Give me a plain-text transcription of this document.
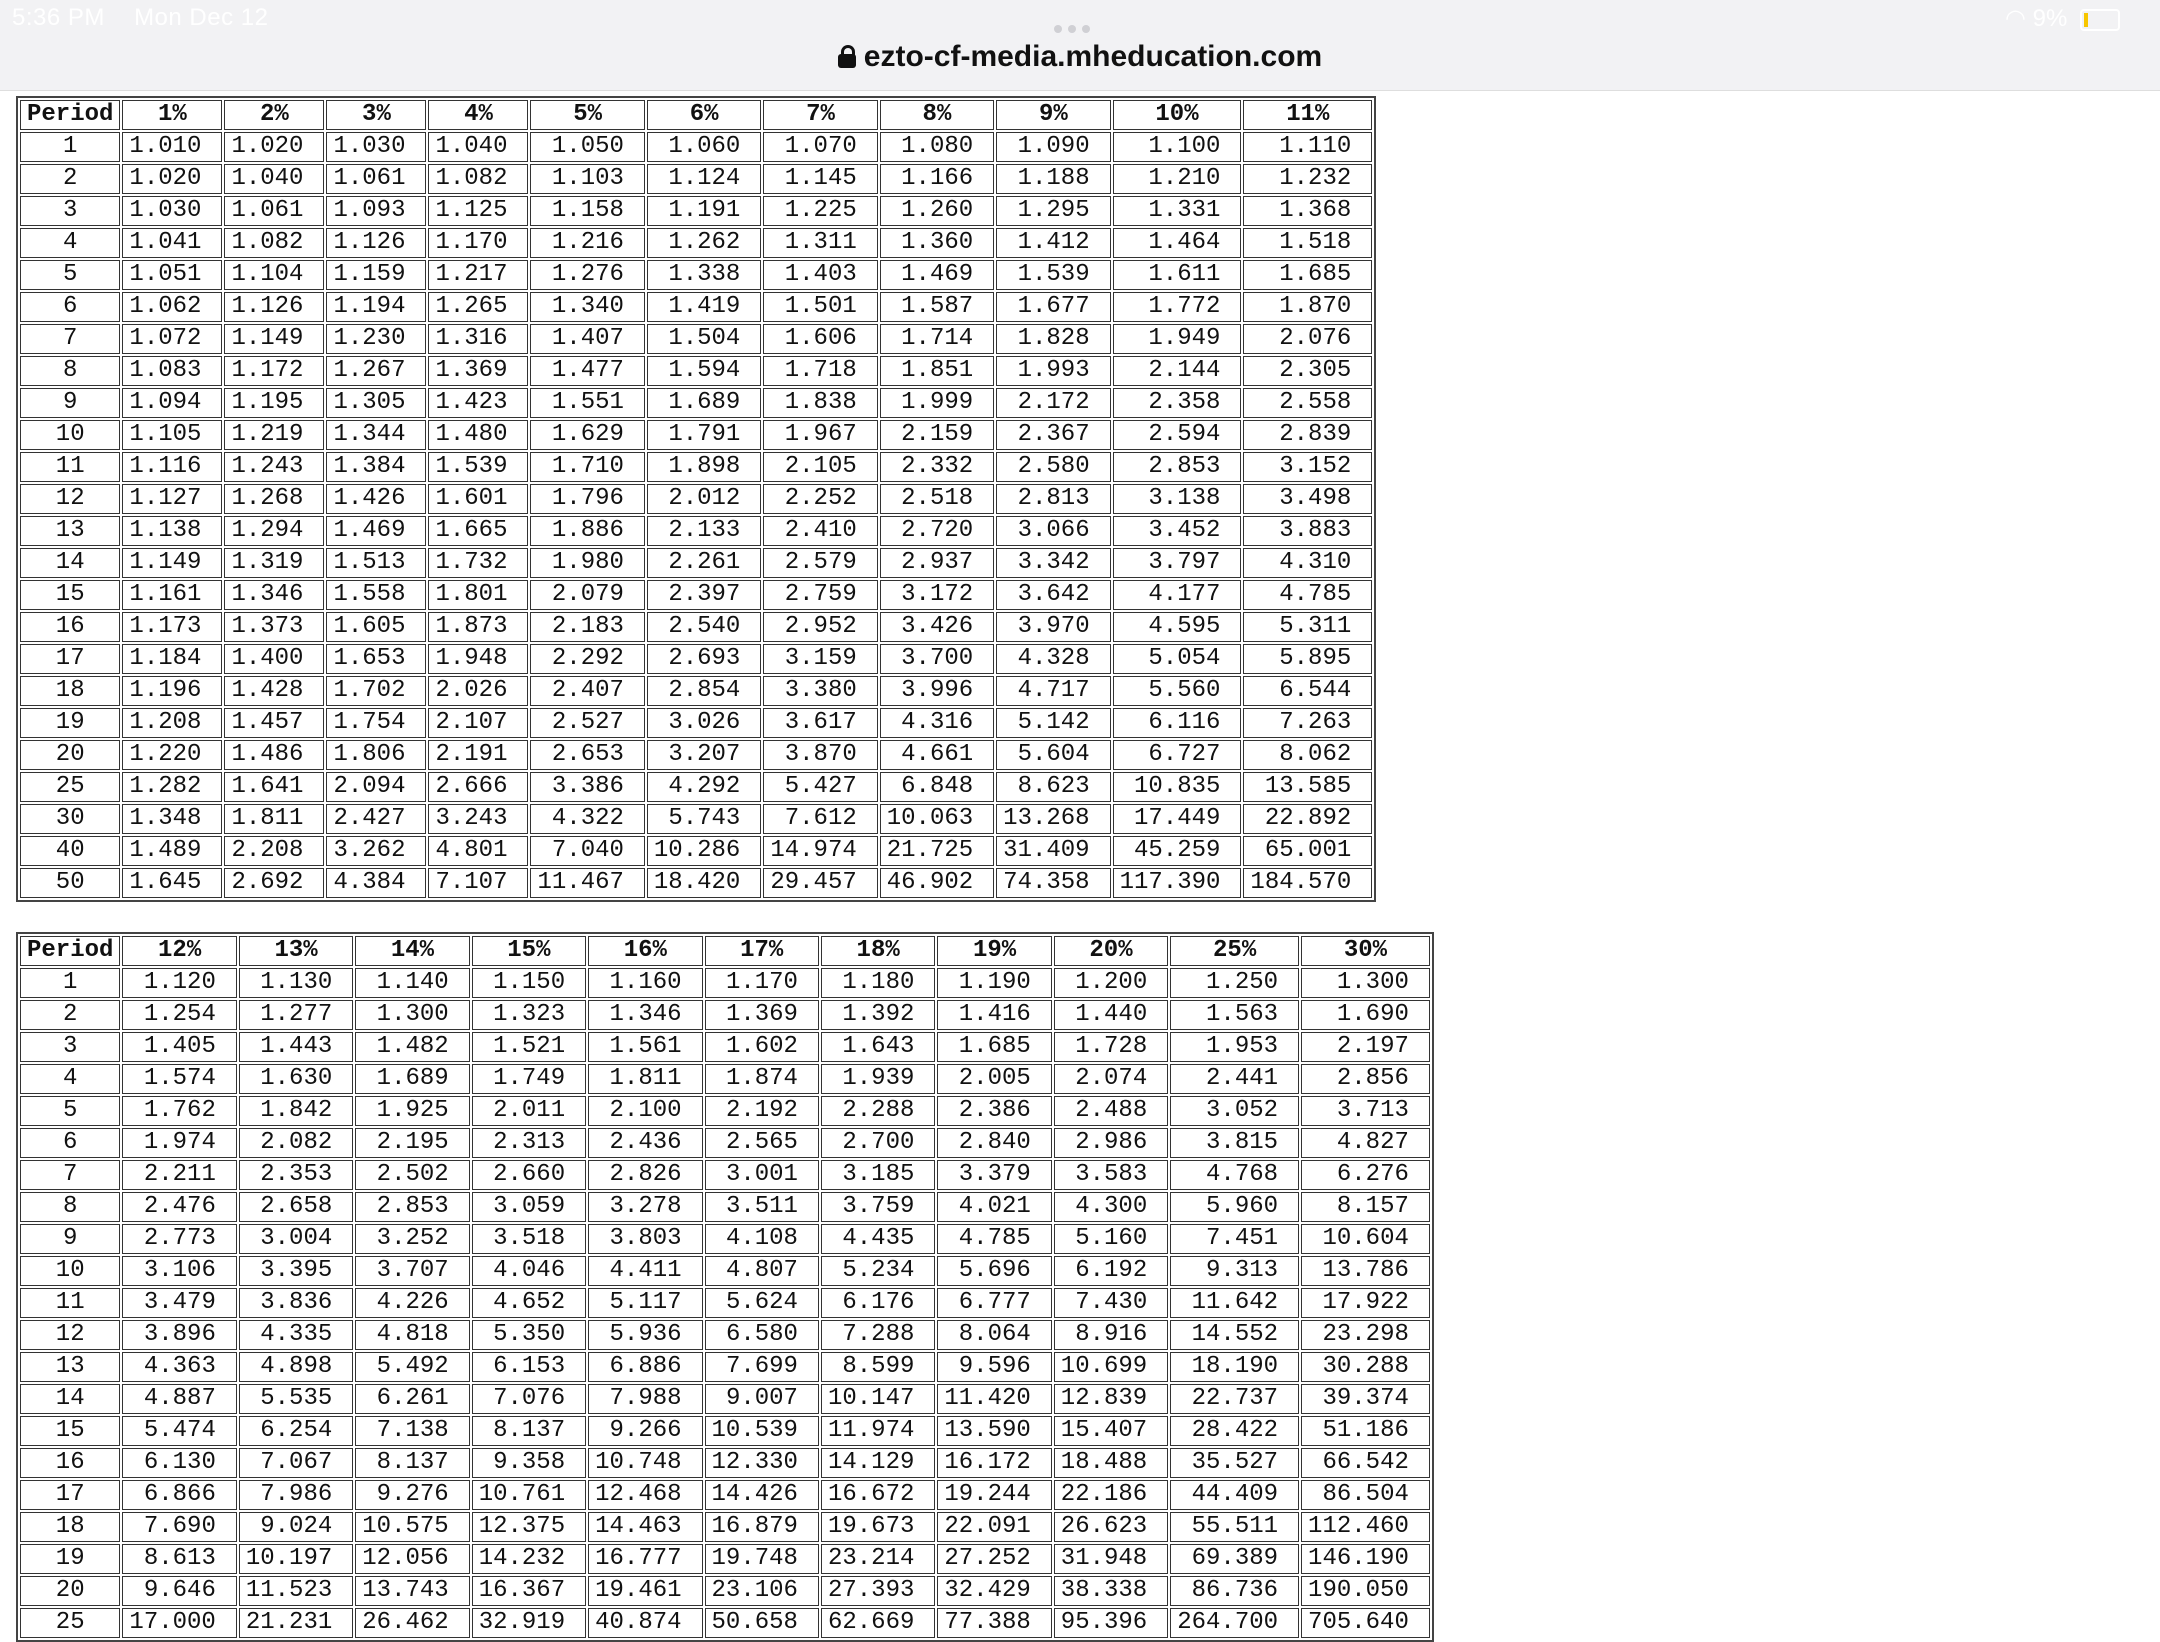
5:36 PM Mon Dec 12	◠ 9%
ezto-cf-media.mheducation.com
Period	1%	2%	3%	4%	5%	6%	7%	8%	9%	10%	11%
1	1.010	1.020	1.030	1.040	1.050	1.060	1.070	1.080	1.090	1.100	1.110
2	1.020	1.040	1.061	1.082	1.103	1.124	1.145	1.166	1.188	1.210	1.232
3	1.030	1.061	1.093	1.125	1.158	1.191	1.225	1.260	1.295	1.331	1.368
4	1.041	1.082	1.126	1.170	1.216	1.262	1.311	1.360	1.412	1.464	1.518
5	1.051	1.104	1.159	1.217	1.276	1.338	1.403	1.469	1.539	1.611	1.685
6	1.062	1.126	1.194	1.265	1.340	1.419	1.501	1.587	1.677	1.772	1.870
7	1.072	1.149	1.230	1.316	1.407	1.504	1.606	1.714	1.828	1.949	2.076
8	1.083	1.172	1.267	1.369	1.477	1.594	1.718	1.851	1.993	2.144	2.305
9	1.094	1.195	1.305	1.423	1.551	1.689	1.838	1.999	2.172	2.358	2.558
10	1.105	1.219	1.344	1.480	1.629	1.791	1.967	2.159	2.367	2.594	2.839
11	1.116	1.243	1.384	1.539	1.710	1.898	2.105	2.332	2.580	2.853	3.152
12	1.127	1.268	1.426	1.601	1.796	2.012	2.252	2.518	2.813	3.138	3.498
13	1.138	1.294	1.469	1.665	1.886	2.133	2.410	2.720	3.066	3.452	3.883
14	1.149	1.319	1.513	1.732	1.980	2.261	2.579	2.937	3.342	3.797	4.310
15	1.161	1.346	1.558	1.801	2.079	2.397	2.759	3.172	3.642	4.177	4.785
16	1.173	1.373	1.605	1.873	2.183	2.540	2.952	3.426	3.970	4.595	5.311
17	1.184	1.400	1.653	1.948	2.292	2.693	3.159	3.700	4.328	5.054	5.895
18	1.196	1.428	1.702	2.026	2.407	2.854	3.380	3.996	4.717	5.560	6.544
19	1.208	1.457	1.754	2.107	2.527	3.026	3.617	4.316	5.142	6.116	7.263
20	1.220	1.486	1.806	2.191	2.653	3.207	3.870	4.661	5.604	6.727	8.062
25	1.282	1.641	2.094	2.666	3.386	4.292	5.427	6.848	8.623	10.835	13.585
30	1.348	1.811	2.427	3.243	4.322	5.743	7.612	10.063	13.268	17.449	22.892
40	1.489	2.208	3.262	4.801	7.040	10.286	14.974	21.725	31.409	45.259	65.001
50	1.645	2.692	4.384	7.107	11.467	18.420	29.457	46.902	74.358	117.390	184.570
Period	12%	13%	14%	15%	16%	17%	18%	19%	20%	25%	30%
1	1.120	1.130	1.140	1.150	1.160	1.170	1.180	1.190	1.200	1.250	1.300
2	1.254	1.277	1.300	1.323	1.346	1.369	1.392	1.416	1.440	1.563	1.690
3	1.405	1.443	1.482	1.521	1.561	1.602	1.643	1.685	1.728	1.953	2.197
4	1.574	1.630	1.689	1.749	1.811	1.874	1.939	2.005	2.074	2.441	2.856
5	1.762	1.842	1.925	2.011	2.100	2.192	2.288	2.386	2.488	3.052	3.713
6	1.974	2.082	2.195	2.313	2.436	2.565	2.700	2.840	2.986	3.815	4.827
7	2.211	2.353	2.502	2.660	2.826	3.001	3.185	3.379	3.583	4.768	6.276
8	2.476	2.658	2.853	3.059	3.278	3.511	3.759	4.021	4.300	5.960	8.157
9	2.773	3.004	3.252	3.518	3.803	4.108	4.435	4.785	5.160	7.451	10.604
10	3.106	3.395	3.707	4.046	4.411	4.807	5.234	5.696	6.192	9.313	13.786
11	3.479	3.836	4.226	4.652	5.117	5.624	6.176	6.777	7.430	11.642	17.922
12	3.896	4.335	4.818	5.350	5.936	6.580	7.288	8.064	8.916	14.552	23.298
13	4.363	4.898	5.492	6.153	6.886	7.699	8.599	9.596	10.699	18.190	30.288
14	4.887	5.535	6.261	7.076	7.988	9.007	10.147	11.420	12.839	22.737	39.374
15	5.474	6.254	7.138	8.137	9.266	10.539	11.974	13.590	15.407	28.422	51.186
16	6.130	7.067	8.137	9.358	10.748	12.330	14.129	16.172	18.488	35.527	66.542
17	6.866	7.986	9.276	10.761	12.468	14.426	16.672	19.244	22.186	44.409	86.504
18	7.690	9.024	10.575	12.375	14.463	16.879	19.673	22.091	26.623	55.511	112.460
19	8.613	10.197	12.056	14.232	16.777	19.748	23.214	27.252	31.948	69.389	146.190
20	9.646	11.523	13.743	16.367	19.461	23.106	27.393	32.429	38.338	86.736	190.050
25	17.000	21.231	26.462	32.919	40.874	50.658	62.669	77.388	95.396	264.700	705.640
